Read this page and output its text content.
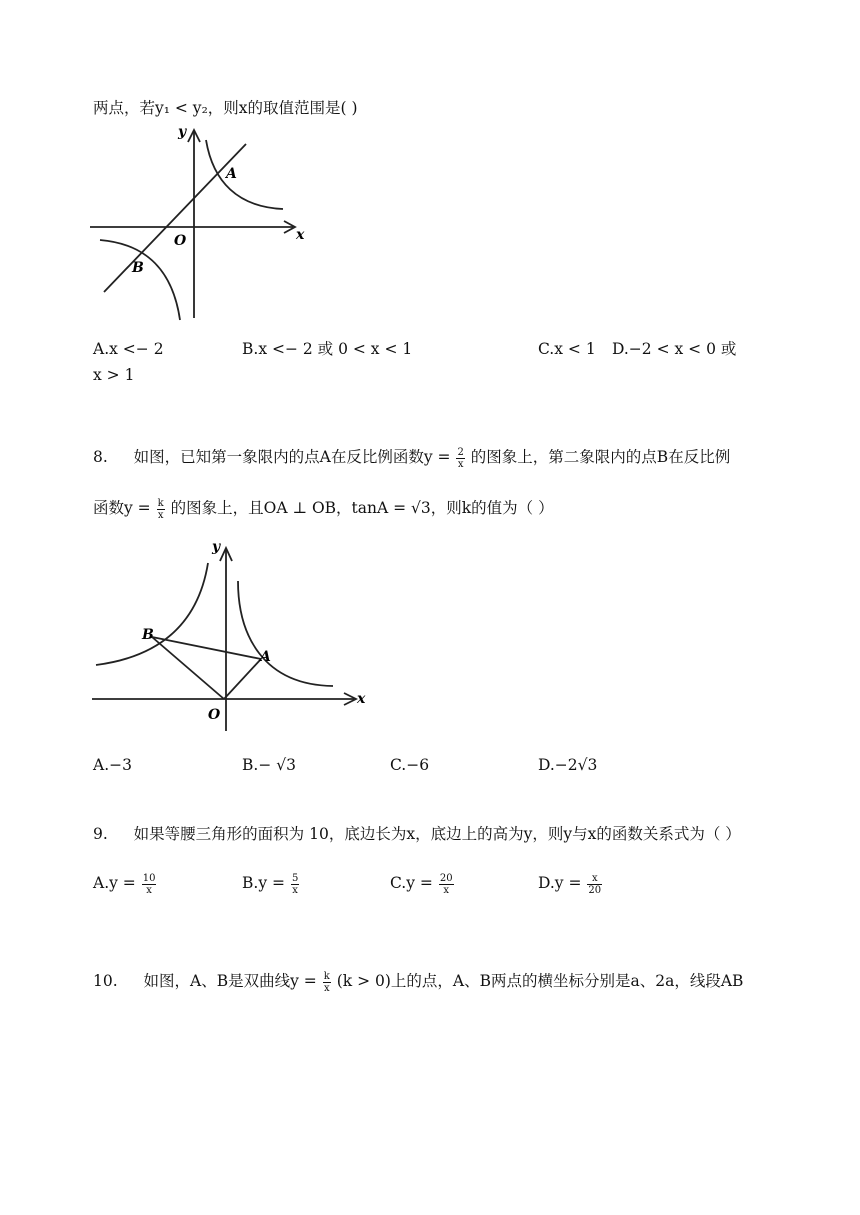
两点，若y₁ < y₂，则x的取值范围是( )
y
x
O
A
B
A.x <− 2	B.x <− 2 或 0 < x < 1	C.x < 1 D.−2 < x < 0 或
x > 1
8. 如图，已知第一象限内的点A在反比例函数$y = \frac{2}{x}$ 的图象上，第二象限内的点B在反比例
函数$y = \frac{k}{x}$ 的图象上，且OA ⊥ OB，tanA = √3，则k的值为（ ）
y
x
O
A
B
A.−3	B.− √3	C.−6	D.−2√3
9. 如果等腰三角形的面积为 10，底边长为x，底边上的高为y，则y与x的函数关系式为（ ）
$A.y = \frac{10}{x}$	$B.y = \frac{5}{x}$	$C.y = \frac{20}{x}$	$D.y = \frac{x}{20}$
10. 如图，A、B是双曲线$y = \frac{k}{x} (k > 0)$上的点，A、B两点的横坐标分别是a、2a，线段AB
